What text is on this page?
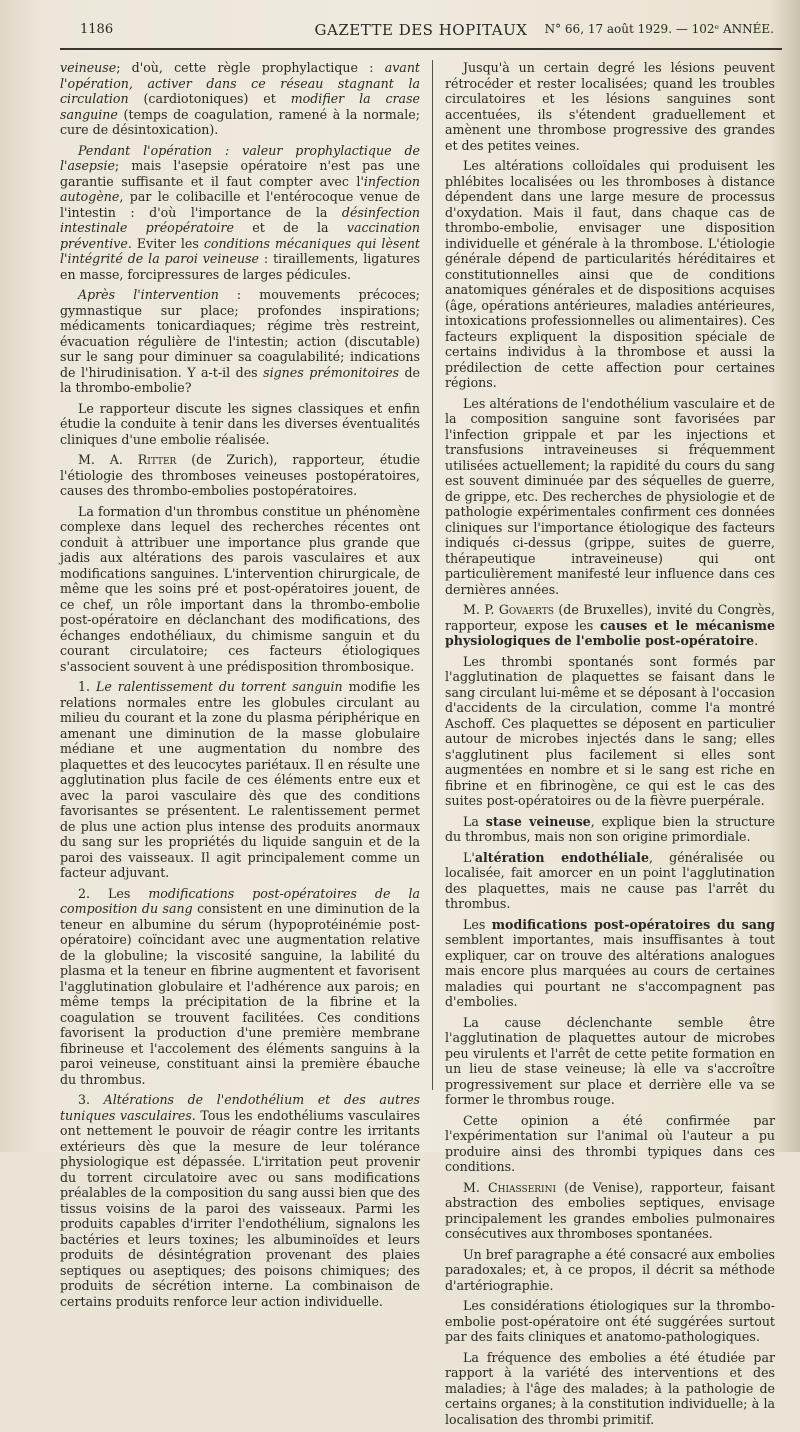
1186	GAZETTE DES HOPITAUX	N° 66, 17 août 1929. — 102ᵉ ANNÉE.

veineuse; d'où, cette règle prophylactique : avant l'opération, activer dans ce réseau stagnant la circulation (cardiotoniques) et modifier la crase sanguine (temps de coagulation, ramené à la normale; cure de désintoxication).

Pendant l'opération : valeur prophylactique de l'asepsie; mais l'asepsie opératoire n'est pas une garantie suffisante et il faut compter avec l'infection autogène, par le colibacille et l'entérocoque venue de l'intestin : d'où l'importance de la désinfection intestinale préopératoire et de la vaccination préventive. Eviter les conditions mécaniques qui lèsent l'intégrité de la paroi veineuse : tiraillements, ligatures en masse, forcipressures de larges pédicules.

Après l'intervention : mouvements précoces; gymnastique sur place; profondes inspirations; médicaments tonicardiaques; régime très restreint, évacuation régulière de l'intestin; action (discutable) sur le sang pour diminuer sa coagulabilité; indications de l'hirudinisation. Y a-t-il des signes prémonitoires de la thrombo-embolie?

Le rapporteur discute les signes classiques et enfin étudie la conduite à tenir dans les diverses éventualités cliniques d'une embolie réalisée.

M. A. Ritter (de Zurich), rapporteur, étudie l'étiologie des thromboses veineuses postopératoires, causes des thrombo-embolies postopératoires.

La formation d'un thrombus constitue un phénomène complexe dans lequel des recherches récentes ont conduit à attribuer une importance plus grande que jadis aux altérations des parois vasculaires et aux modifications sanguines. L'intervention chirurgicale, de même que les soins pré et post-opératoires jouent, de ce chef, un rôle important dans la thrombo-embolie post-opératoire en déclanchant des modifications, des échanges endothéliaux, du chimisme sanguin et du courant circulatoire; ces facteurs étiologiques s'associent souvent à une prédisposition thrombosique.

1. Le ralentissement du torrent sanguin modifie les relations normales entre les globules circulant au milieu du courant et la zone du plasma périphérique en amenant une diminution de la masse globulaire médiane et une augmentation du nombre des plaquettes et des leucocytes pariétaux. Il en résulte une agglutination plus facile de ces éléments entre eux et avec la paroi vasculaire dès que des conditions favorisantes se présentent. Le ralentissement permet de plus une action plus intense des produits anormaux du sang sur les propriétés du liquide sanguin et de la paroi des vaisseaux. Il agit principalement comme un facteur adjuvant.

2. Les modifications post-opératoires de la composition du sang consistent en une diminution de la teneur en albumine du sérum (hypoprotéinémie post-opératoire) coïncidant avec une augmentation relative de la globuline; la viscosité sanguine, la labilité du plasma et la teneur en fibrine augmentent et favorisent l'agglutination globulaire et l'adhérence aux parois; en même temps la précipitation de la fibrine et la coagulation se trouvent facilitées. Ces conditions favorisent la production d'une première membrane fibrineuse et l'accolement des éléments sanguins à la paroi veineuse, constituant ainsi la première ébauche du thrombus.

3. Altérations de l'endothélium et des autres tuniques vasculaires. Tous les endothéliums vasculaires ont nettement le pouvoir de réagir contre les irritants extérieurs dès que la mesure de leur tolérance physiologique est dépassée. L'irritation peut provenir du torrent circulatoire avec ou sans modifications préalables de la composition du sang aussi bien que des tissus voisins de la paroi des vaisseaux. Parmi les produits capables d'irriter l'endothélium, signalons les bactéries et leurs toxines; les albuminoïdes et leurs produits de désintégration provenant des plaies septiques ou aseptiques; des poisons chimiques; des produits de sécrétion interne. La combinaison de certains produits renforce leur action individuelle.

Jusqu'à un certain degré les lésions peuvent rétrocéder et rester localisées; quand les troubles circulatoires et les lésions sanguines sont accentuées, ils s'étendent graduellement et amènent une thrombose progressive des grandes et des petites veines.

Les altérations colloïdales qui produisent les phlébites localisées ou les thromboses à distance dépendent dans une large mesure de processus d'oxydation. Mais il faut, dans chaque cas de thrombo-embolie, envisager une disposition individuelle et générale à la thrombose. L'étiologie générale dépend de particularités héréditaires et constitutionnelles ainsi que de conditions anatomiques générales et de dispositions acquises (âge, opérations antérieures, maladies antérieures, intoxications professionnelles ou alimentaires). Ces facteurs expliquent la disposition spéciale de certains individus à la thrombose et aussi la prédilection de cette affection pour certaines régions.

Les altérations de l'endothélium vasculaire et de la composition sanguine sont favorisées par l'infection grippale et par les injections et transfusions intraveineuses si fréquemment utilisées actuellement; la rapidité du cours du sang est souvent diminuée par des séquelles de guerre, de grippe, etc. Des recherches de physiologie et de pathologie expérimentales confirment ces données cliniques sur l'importance étiologique des facteurs indiqués ci-dessus (grippe, suites de guerre, thérapeutique intraveineuse) qui ont particulièrement manifesté leur influence dans ces dernières années.

M. P. Govaerts (de Bruxelles), invité du Congrès, rapporteur, expose les causes et le mécanisme physiologiques de l'embolie post-opératoire.

Les thrombi spontanés sont formés par l'agglutination de plaquettes se faisant dans le sang circulant lui-même et se déposant à l'occasion d'accidents de la circulation, comme l'a montré Aschoff. Ces plaquettes se déposent en particulier autour de microbes injectés dans le sang; elles s'agglutinent plus facilement si elles sont augmentées en nombre et si le sang est riche en fibrine et en fibrinogène, ce qui est le cas des suites post-opératoires ou de la fièvre puerpérale.

La stase veineuse, explique bien la structure du thrombus, mais non son origine primordiale.

L'altération endothéliale, généralisée ou localisée, fait amorcer en un point l'agglutination des plaquettes, mais ne cause pas l'arrêt du thrombus.

Les modifications post-opératoires du sang semblent importantes, mais insuffisantes à tout expliquer, car on trouve des altérations analogues mais encore plus marquées au cours de certaines maladies qui pourtant ne s'accompagnent pas d'embolies.

La cause déclenchante semble être l'agglutination de plaquettes autour de microbes peu virulents et l'arrêt de cette petite formation en un lieu de stase veineuse; là elle va s'accroître progressivement sur place et derrière elle va se former le thrombus rouge.

Cette opinion a été confirmée par l'expérimentation sur l'animal où l'auteur a pu produire ainsi des thrombi typiques dans ces conditions.

M. Chiasserini (de Venise), rapporteur, faisant abstraction des embolies septiques, envisage principalement les grandes embolies pulmonaires consécutives aux thromboses spontanées.

Un bref paragraphe a été consacré aux embolies paradoxales; et, à ce propos, il décrit sa méthode d'artériographie.

Les considérations étiologiques sur la thrombo-embolie post-opératoire ont été suggérées surtout par des faits cliniques et anatomo-pathologiques.

La fréquence des embolies a été étudiée par rapport à la variété des interventions et des maladies; à l'âge des malades; à la pathologie de certains organes; à la constitution individuelle; à la localisation des thrombi primitif.
